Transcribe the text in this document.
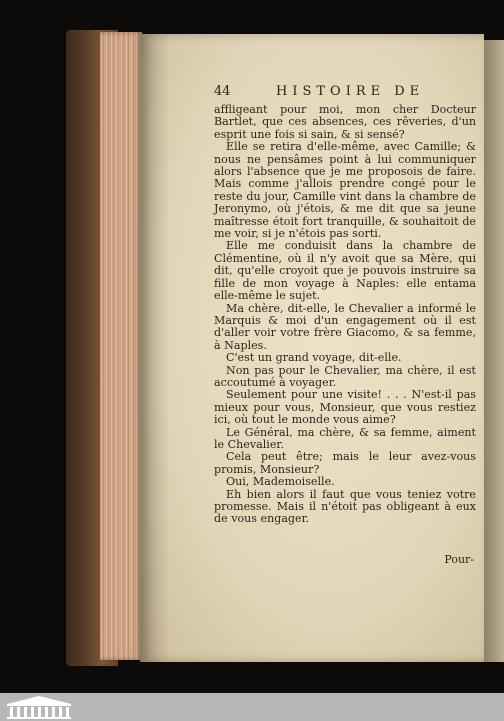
44	HISTOIRE DE

affligeant pour moi, mon cher Docteur Bartlet, que ces absences, ces rêveries, d'un esprit une fois si sain, & si sensé?

Elle se retira d'elle-même, avec Camille; & nous ne pensâmes point à lui communiquer alors l'absence que je me proposois de faire. Mais comme j'allois prendre congé pour le reste du jour, Camille vint dans la chambre de Jeronymo, où j'étois, & me dit que sa jeune maîtresse étoit fort tranquille, & souhaitoit de me voir, si je n'étois pas sorti.

Elle me conduisit dans la chambre de Clémentine, où il n'y avoit que sa Mère, qui dit, qu'elle croyoit que je pouvois instruire sa fille de mon voyage à Naples: elle entama elle-même le sujet.

Ma chère, dit-elle, le Chevalier a informé le Marquis & moi d'un engagement où il est d'aller voir votre frère Giacomo, & sa femme, à Naples.

C'est un grand voyage, dit-elle.

Non pas pour le Chevalier, ma chère, il est accoutumé à voyager.

Seulement pour une visite! . . . N'est-il pas mieux pour vous, Monsieur, que vous restiez ici, où tout le monde vous aime?

Le Général, ma chère, & sa femme, aiment le Chevalier.

Cela peut être; mais le leur avez-vous promis, Monsieur?

Oui, Mademoiselle.

Eh bien alors il faut que vous teniez votre promesse. Mais il n'étoit pas obligeant à eux de vous engager.

Pour-
